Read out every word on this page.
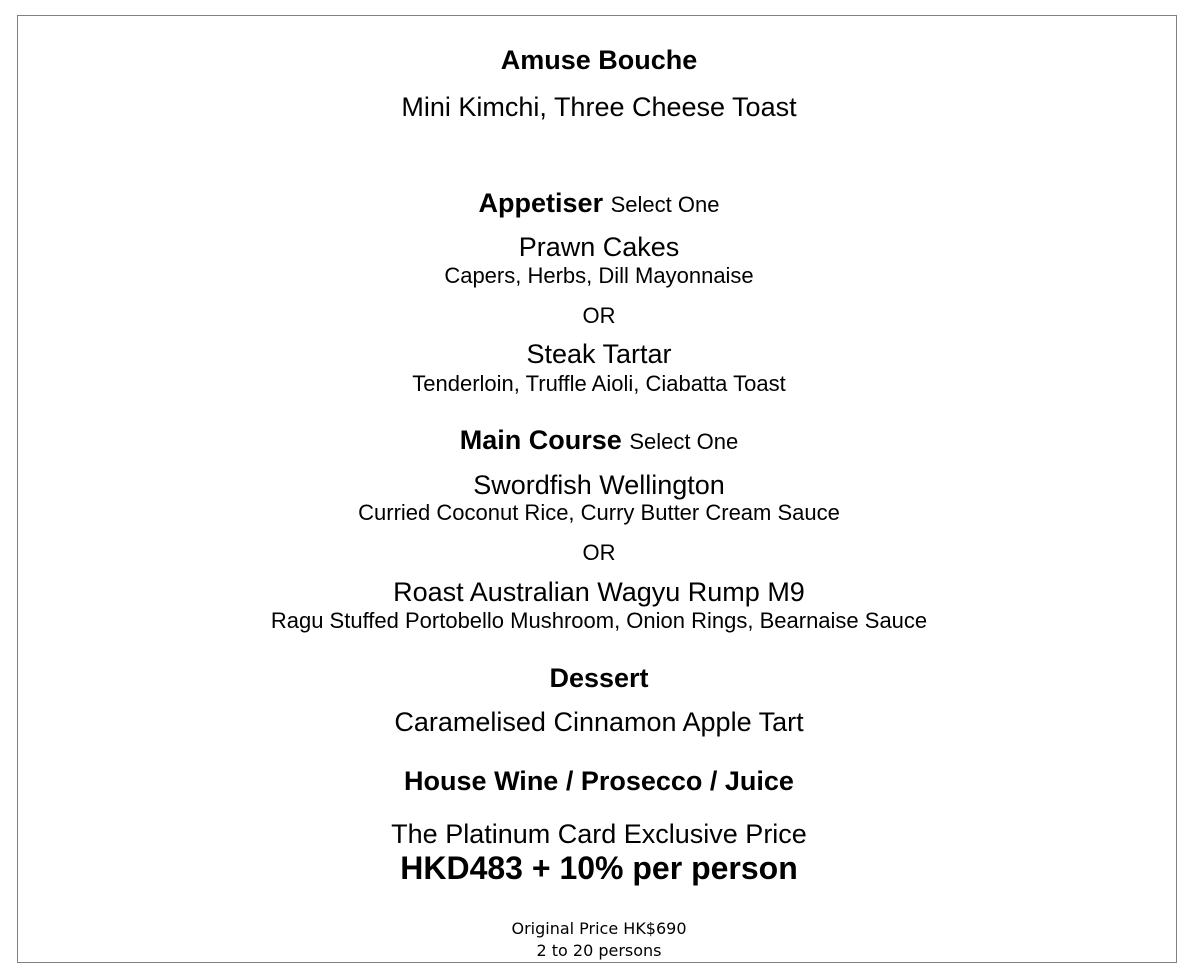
Amuse Bouche
Mini Kimchi, Three Cheese Toast
Appetiser Select One
Prawn Cakes
Capers, Herbs, Dill Mayonnaise
OR
Steak Tartar
Tenderloin, Truffle Aioli, Ciabatta Toast
Main Course Select One
Swordfish Wellington
Curried Coconut Rice, Curry Butter Cream Sauce
OR
Roast Australian Wagyu Rump M9
Ragu Stuffed Portobello Mushroom, Onion Rings, Bearnaise Sauce
Dessert
Caramelised Cinnamon Apple Tart
House Wine / Prosecco / Juice
The Platinum Card Exclusive Price
HKD483 + 10% per person
Original Price HK$690
2 to 20 persons
